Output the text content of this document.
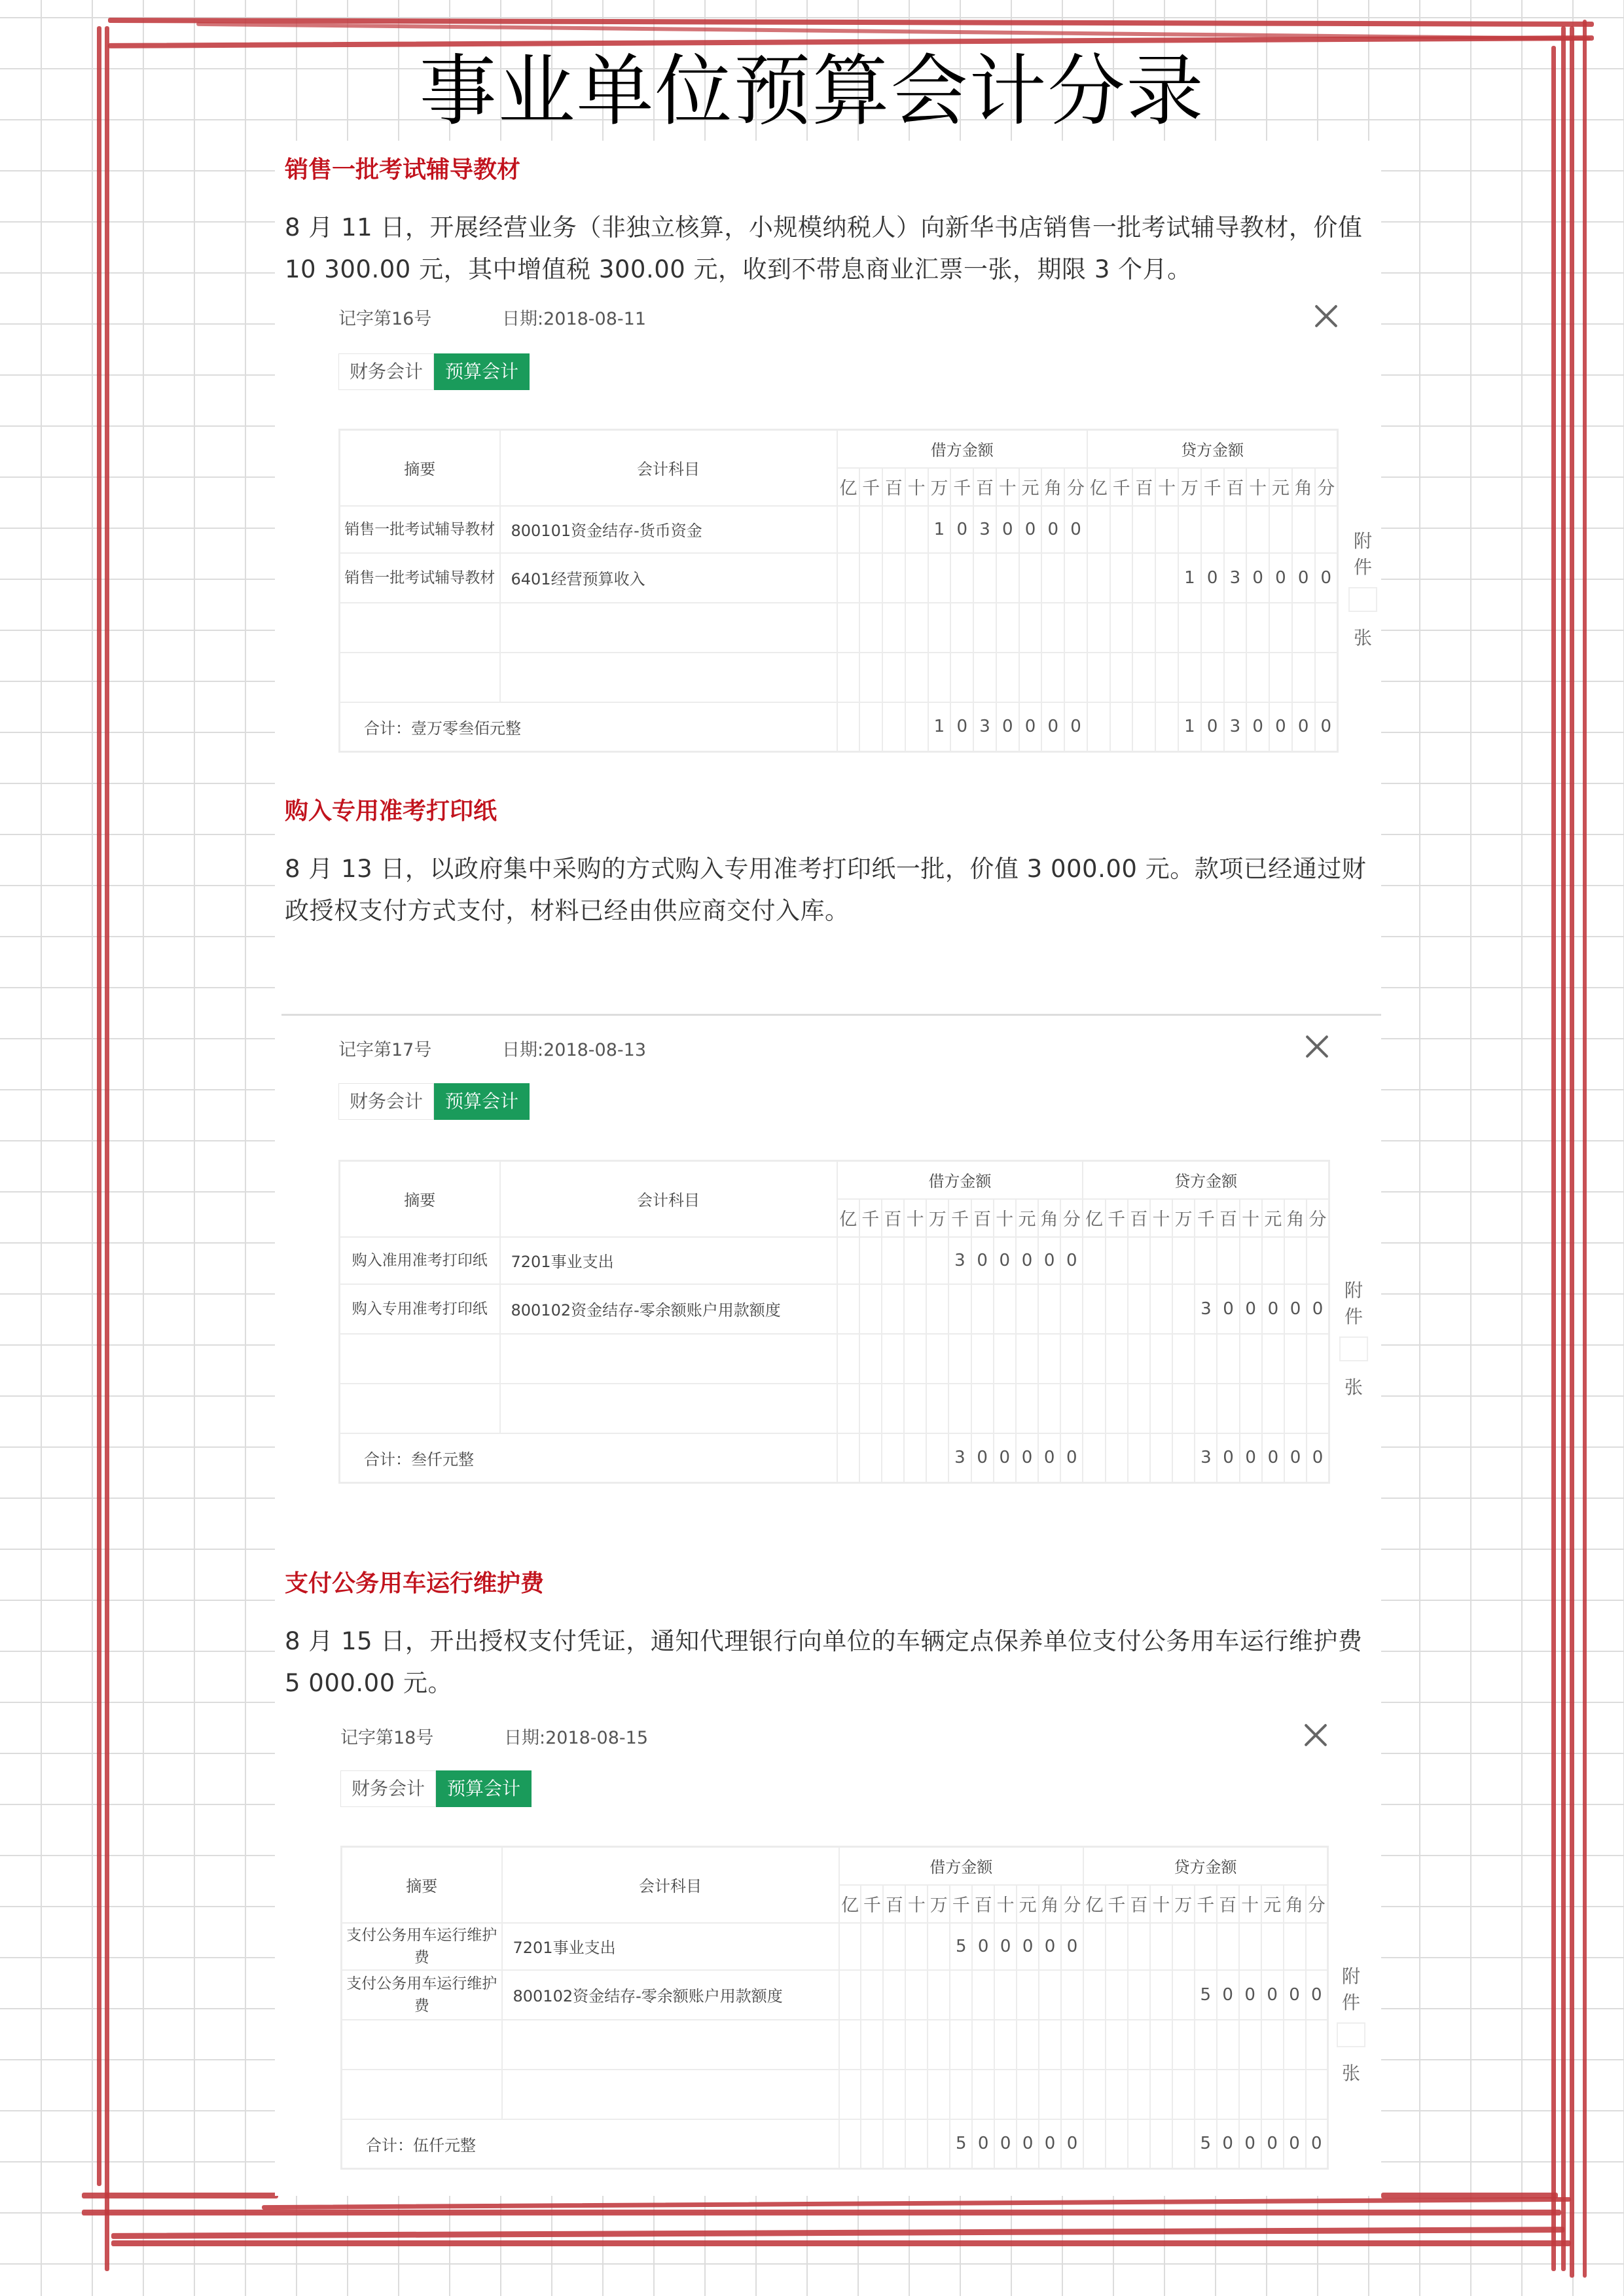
事业单位预算会计分录
销售一批考试辅导教材
8 月 11 日，开展经营业务（非独立核算，小规模纳税人）向新华书店销售一批考试辅导教材，价值 10 300.00 元，其中增值税 300.00 元，收到不带息商业汇票一张，期限 3 个月。
记字第16号	日期:2018-08-11
财务会计	预算会计
摘要	会计科目	借方金额											贷方金额										
		亿	千	百	十	万	千	百	十	元	角	分	亿	千	百	十	万	千	百	十	元	角	分
销售一批考试辅导教材	800101资金结存-货币资金					1	0	3	0	0	0	0											
销售一批考试辅导教材	6401经营预算收入																1	0	3	0	0	0	0

合计：壹万零叁佰元整						1	0	3	0	0	0	0					1	0	3	0	0	0	0
附
件
张
购入专用准考打印纸
8 月 13 日，以政府集中采购的方式购入专用准考打印纸一批，价值 3 000.00 元。款项已经通过财政授权支付方式支付，材料已经由供应商交付入库。
记字第17号	日期:2018-08-13
财务会计	预算会计
摘要	会计科目	借方金额											贷方金额										
		亿	千	百	十	万	千	百	十	元	角	分	亿	千	百	十	万	千	百	十	元	角	分
购入准用准考打印纸	7201事业支出						3	0	0	0	0	0											
购入专用准考打印纸	800102资金结存-零余额账户用款额度																	3	0	0	0	0	0

合计：叁仟元整							3	0	0	0	0	0						3	0	0	0	0	0
附
件
张
支付公务用车运行维护费
8 月 15 日，开出授权支付凭证，通知代理银行向单位的车辆定点保养单位支付公务用车运行维护费 5 000.00 元。
记字第18号	日期:2018-08-15
财务会计	预算会计
摘要	会计科目	借方金额											贷方金额										
		亿	千	百	十	万	千	百	十	元	角	分	亿	千	百	十	万	千	百	十	元	角	分
支付公务用车运行维护费	7201事业支出						5	0	0	0	0	0											
支付公务用车运行维护费	800102资金结存-零余额账户用款额度																	5	0	0	0	0	0

合计：伍仟元整							5	0	0	0	0	0						5	0	0	0	0	0
附
件
张
